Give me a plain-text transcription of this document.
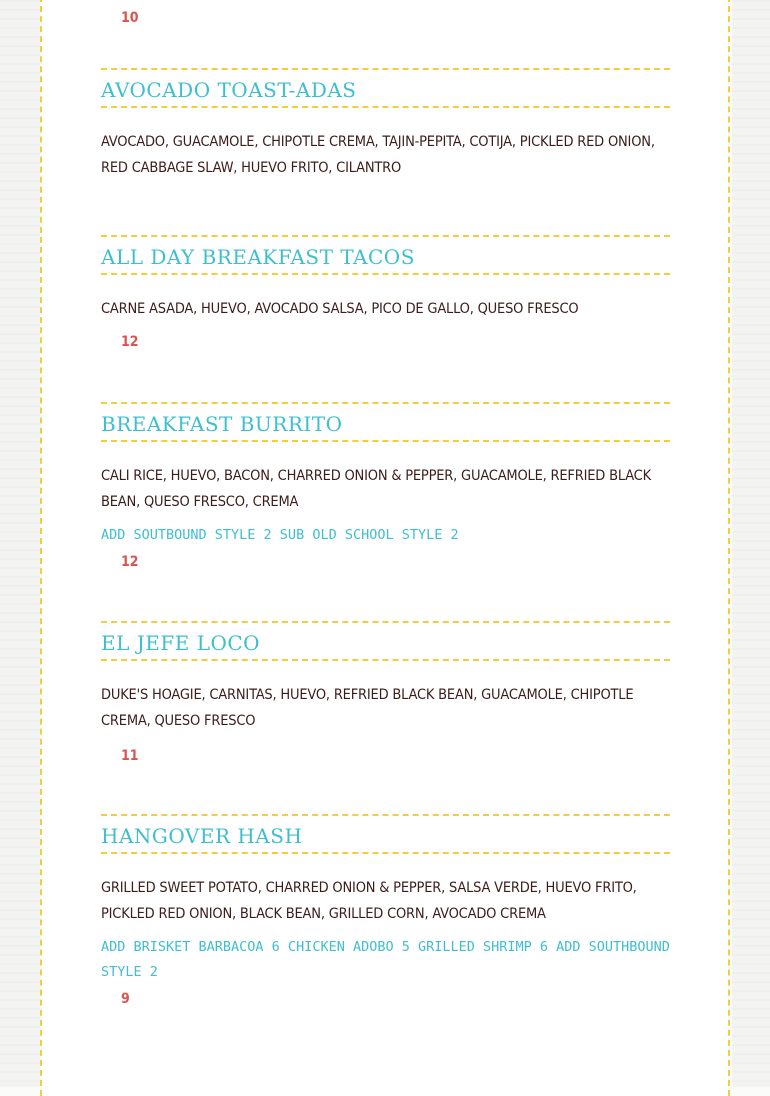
10
AVOCADO TOAST-ADAS
AVOCADO, GUACAMOLE, CHIPOTLE CREMA, TAJIN-PEPITA, COTIJA, PICKLED RED ONION, RED CABBAGE SLAW, HUEVO FRITO, CILANTRO
ALL DAY BREAKFAST TACOS
CARNE ASADA, HUEVO, AVOCADO SALSA, PICO DE GALLO, QUESO FRESCO
12
BREAKFAST BURRITO
CALI RICE, HUEVO, BACON, CHARRED ONION & PEPPER, GUACAMOLE, REFRIED BLACK BEAN, QUESO FRESCO, CREMA
ADD SOUTBOUND STYLE 2 SUB OLD SCHOOL STYLE 2
12
EL JEFE LOCO
DUKE'S HOAGIE, CARNITAS, HUEVO, REFRIED BLACK BEAN, GUACAMOLE, CHIPOTLE CREMA, QUESO FRESCO
11
HANGOVER HASH
GRILLED SWEET POTATO, CHARRED ONION & PEPPER, SALSA VERDE, HUEVO FRITO, PICKLED RED ONION, BLACK BEAN, GRILLED CORN, AVOCADO CREMA
ADD BRISKET BARBACOA 6 CHICKEN ADOBO 5 GRILLED SHRIMP 6 ADD SOUTHBOUND STYLE 2
9
